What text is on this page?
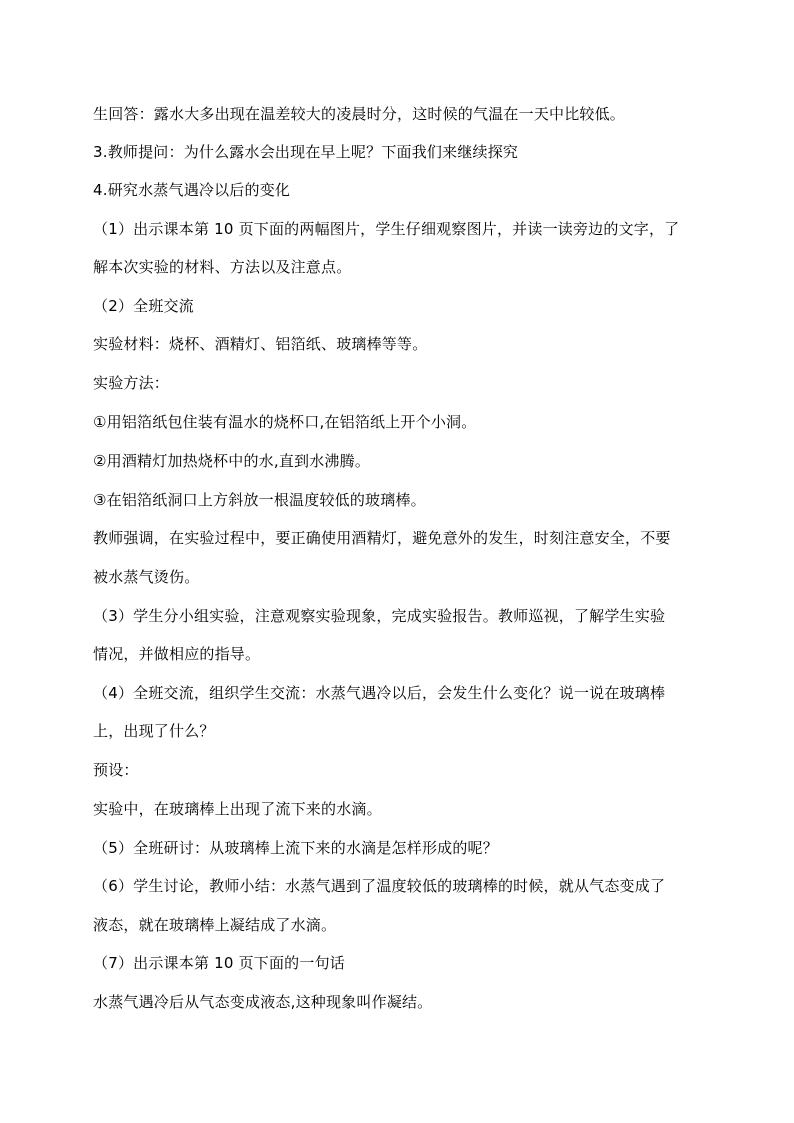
生回答：露水大多出现在温差较大的凌晨时分，这时候的气温在一天中比较低。
3.教师提问：为什么露水会出现在早上呢？下面我们来继续探究
4.研究水蒸气遇冷以后的变化
（1）出示课本第 10 页下面的两幅图片，学生仔细观察图片，并读一读旁边的文字，了
解本次实验的材料、方法以及注意点。
（2）全班交流
实验材料：烧杯、酒精灯、铝箔纸、玻璃棒等等。
实验方法：
①用铝箔纸包住装有温水的烧杯口,在铝箔纸上开个小洞。
②用酒精灯加热烧杯中的水,直到水沸腾。
③在铝箔纸洞口上方斜放一根温度较低的玻璃棒。
教师强调，在实验过程中，要正确使用酒精灯，避免意外的发生，时刻注意安全，不要
被水蒸气烫伤。
（3）学生分小组实验，注意观察实验现象，完成实验报告。教师巡视，了解学生实验
情况，并做相应的指导。
（4）全班交流，组织学生交流：水蒸气遇冷以后，会发生什么变化？说一说在玻璃棒
上，出现了什么？
预设：
实验中，在玻璃棒上出现了流下来的水滴。
（5）全班研讨：从玻璃棒上流下来的水滴是怎样形成的呢？
（6）学生讨论，教师小结：水蒸气遇到了温度较低的玻璃棒的时候，就从气态变成了
液态，就在玻璃棒上凝结成了水滴。
（7）出示课本第 10 页下面的一句话
水蒸气遇冷后从气态变成液态,这种现象叫作凝结。
